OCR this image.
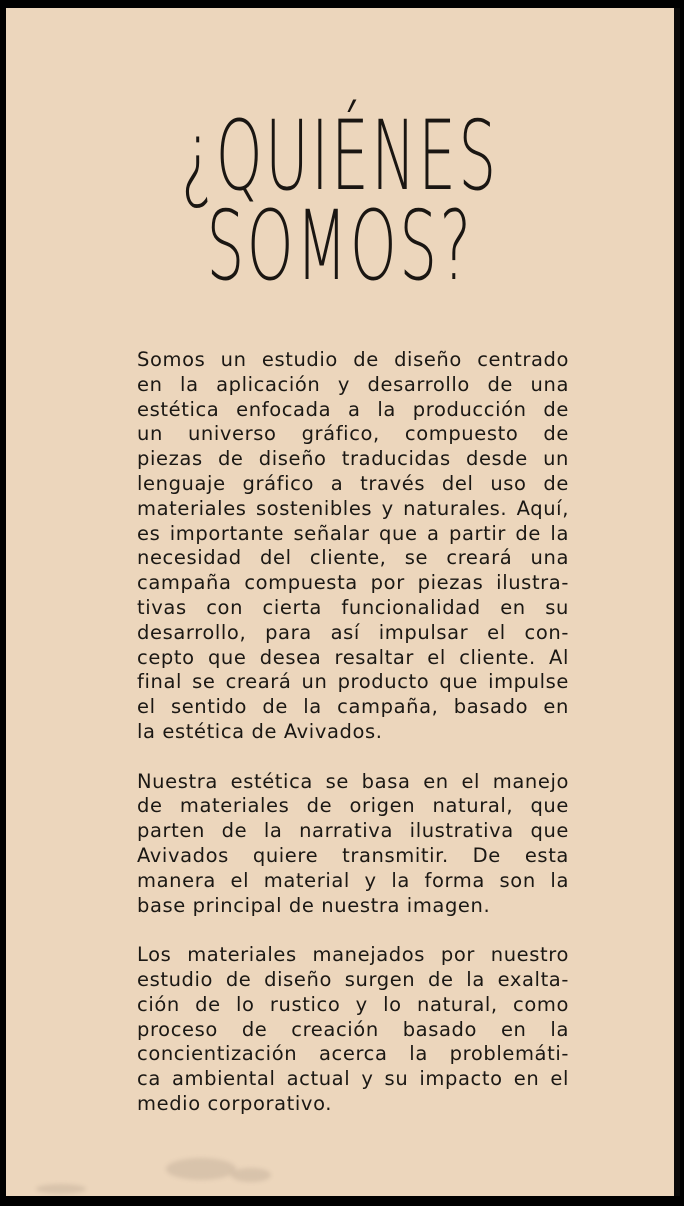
¿QUIÉNES
SOMOS?
Somos un estudio de diseño centrado
en la aplicación y desarrollo de una
estética enfocada a la producción de
un universo gráfico, compuesto de
piezas de diseño traducidas desde un
lenguaje gráfico a través del uso de
materiales sostenibles y naturales. Aquí,
es importante señalar que a partir de la
necesidad del cliente, se creará una
campaña compuesta por piezas ilustra-
tivas con cierta funcionalidad en su
desarrollo, para así impulsar el con-
cepto que desea resaltar el cliente. Al
final se creará un producto que impulse
el sentido de la campaña, basado en
la estética de Avivados.
Nuestra estética se basa en el manejo
de materiales de origen natural, que
parten de la narrativa ilustrativa que
Avivados quiere transmitir. De esta
manera el material y la forma son la
base principal de nuestra imagen.
Los materiales manejados por nuestro
estudio de diseño surgen de la exalta-
ción de lo rustico y lo natural, como
proceso de creación basado en la
concientización acerca la problemáti-
ca ambiental actual y su impacto en el
medio corporativo.
